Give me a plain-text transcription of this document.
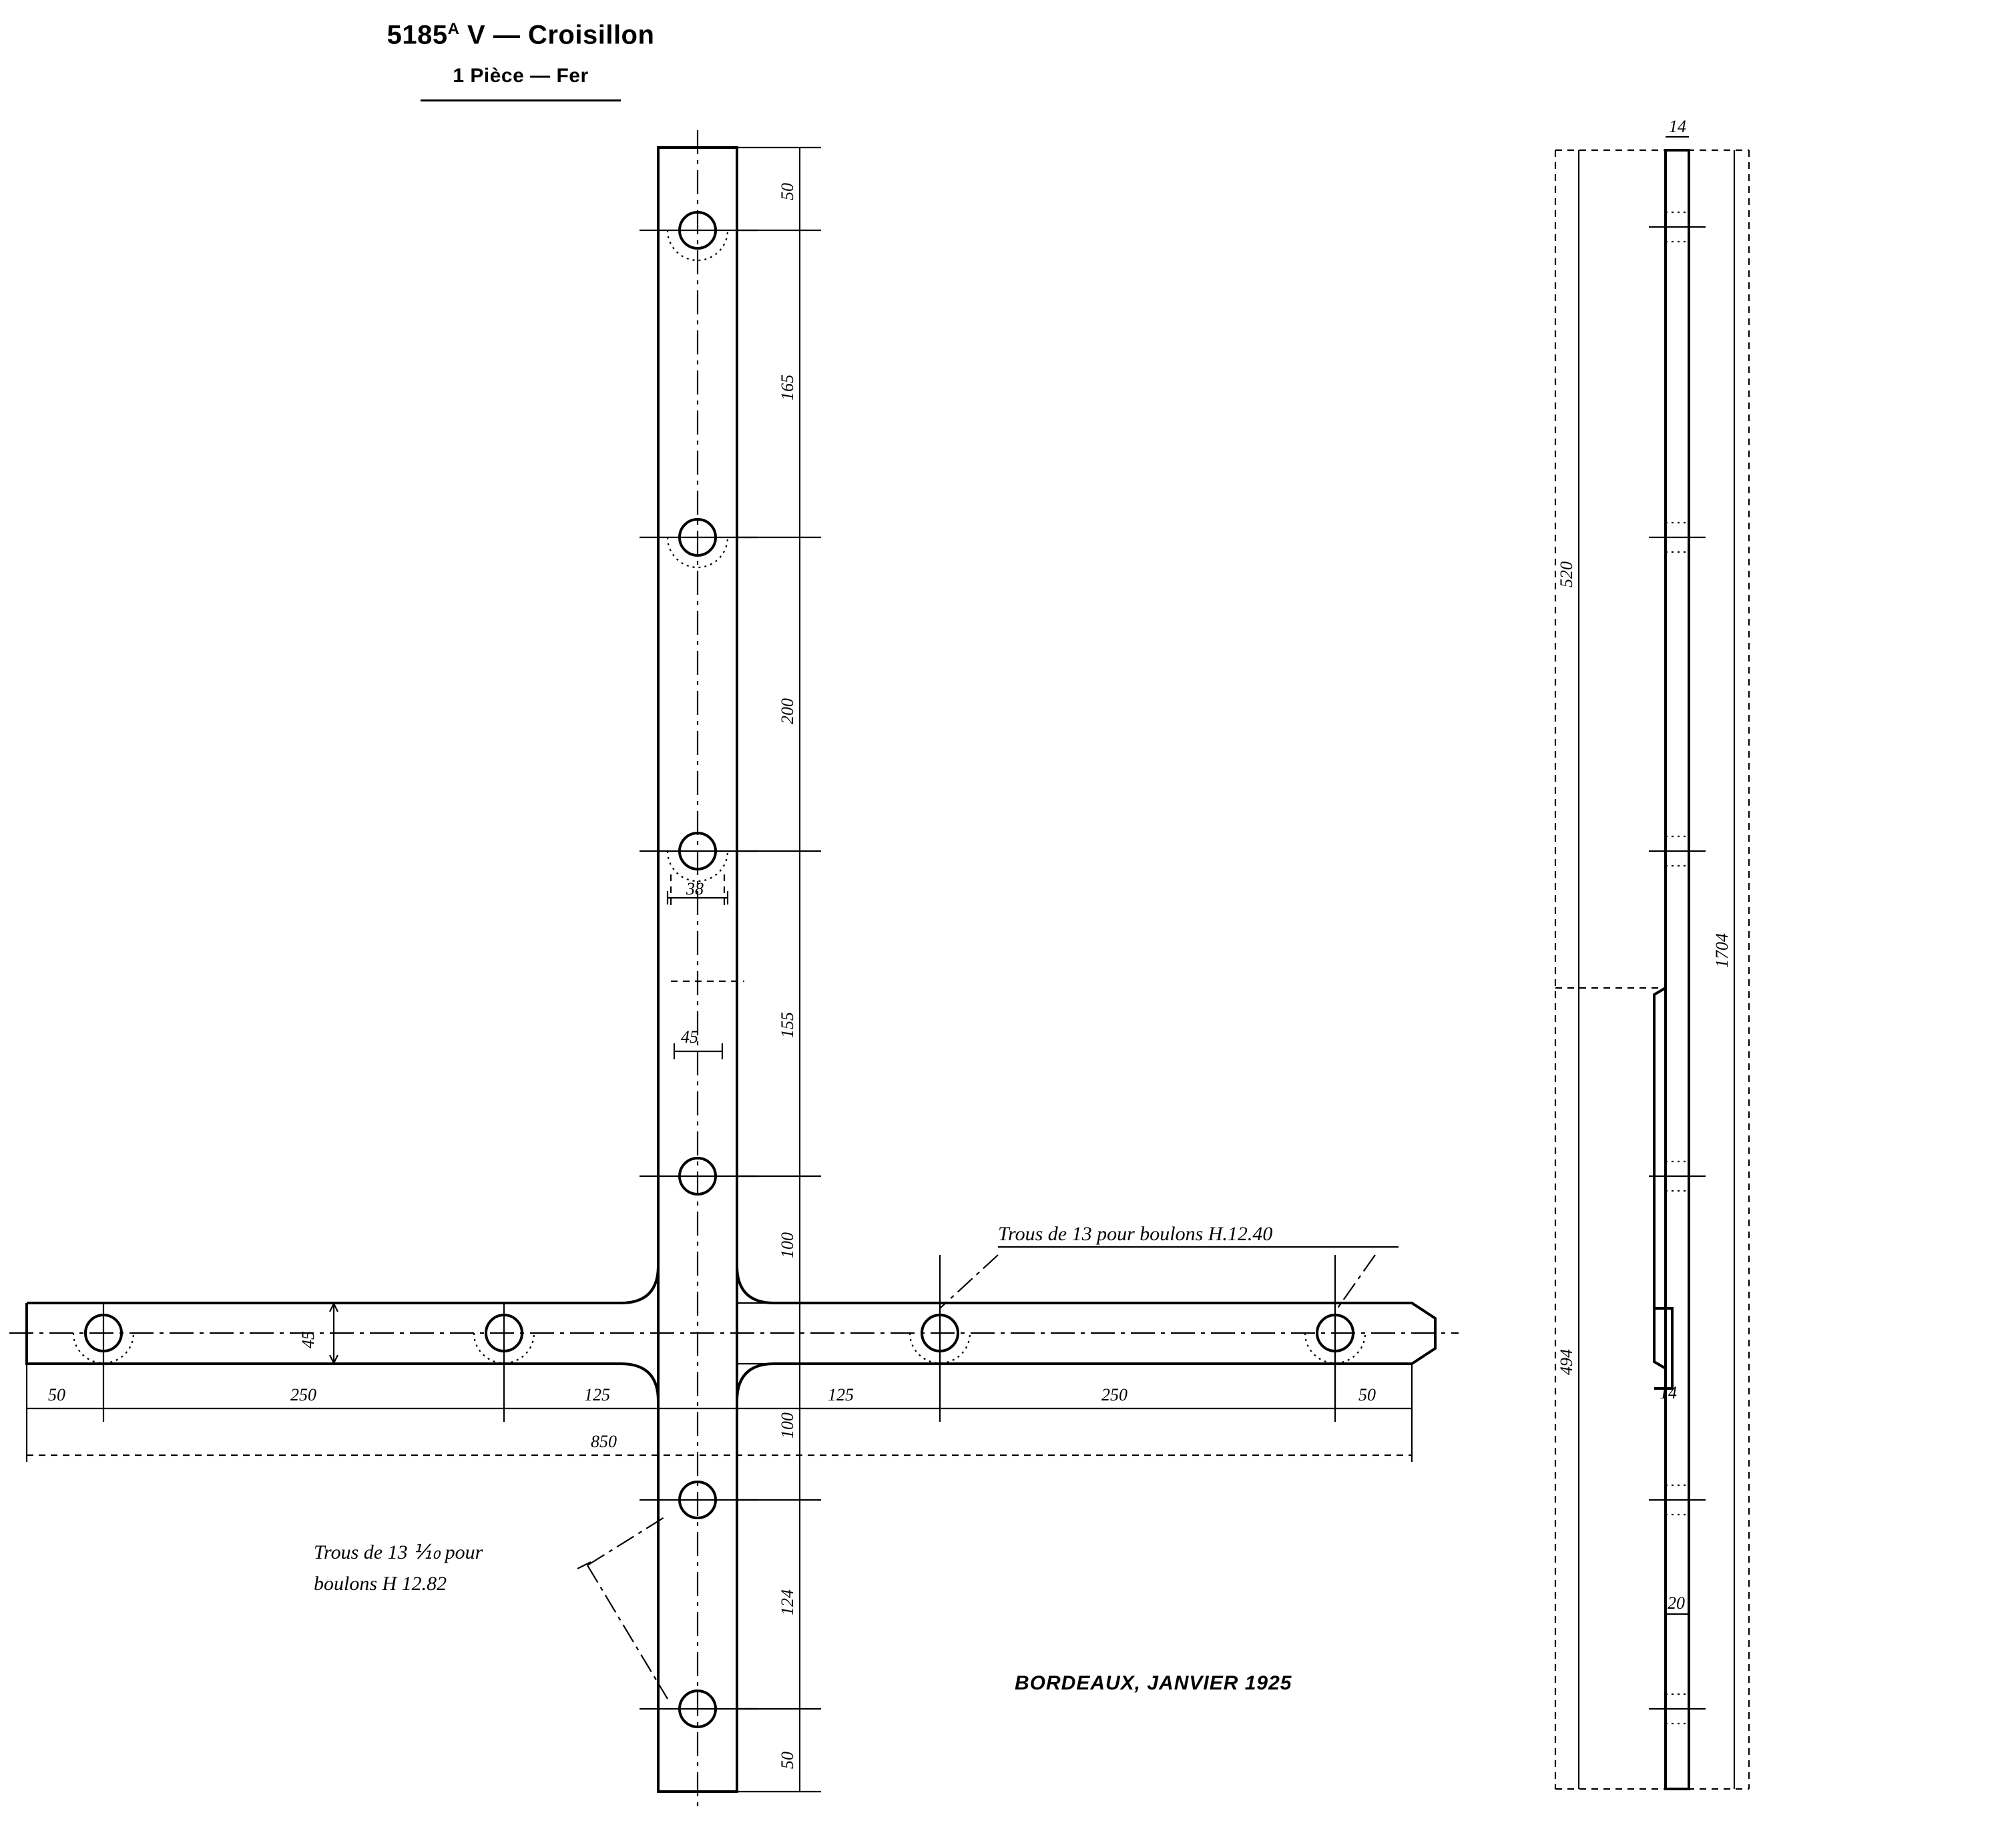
$5185^A$ V — Croisillon
1 Pièce — Fer
BORDEAUX, JANVIER 1925
38
45
45
50
165
200
155
100
100
124
50
50	250	125	125	250	50
850
Trous de 13 pour boulons H.12.40
Trous de 13 ⅒ pour
boulons H 12.82
520
494
1704
14
14
20
